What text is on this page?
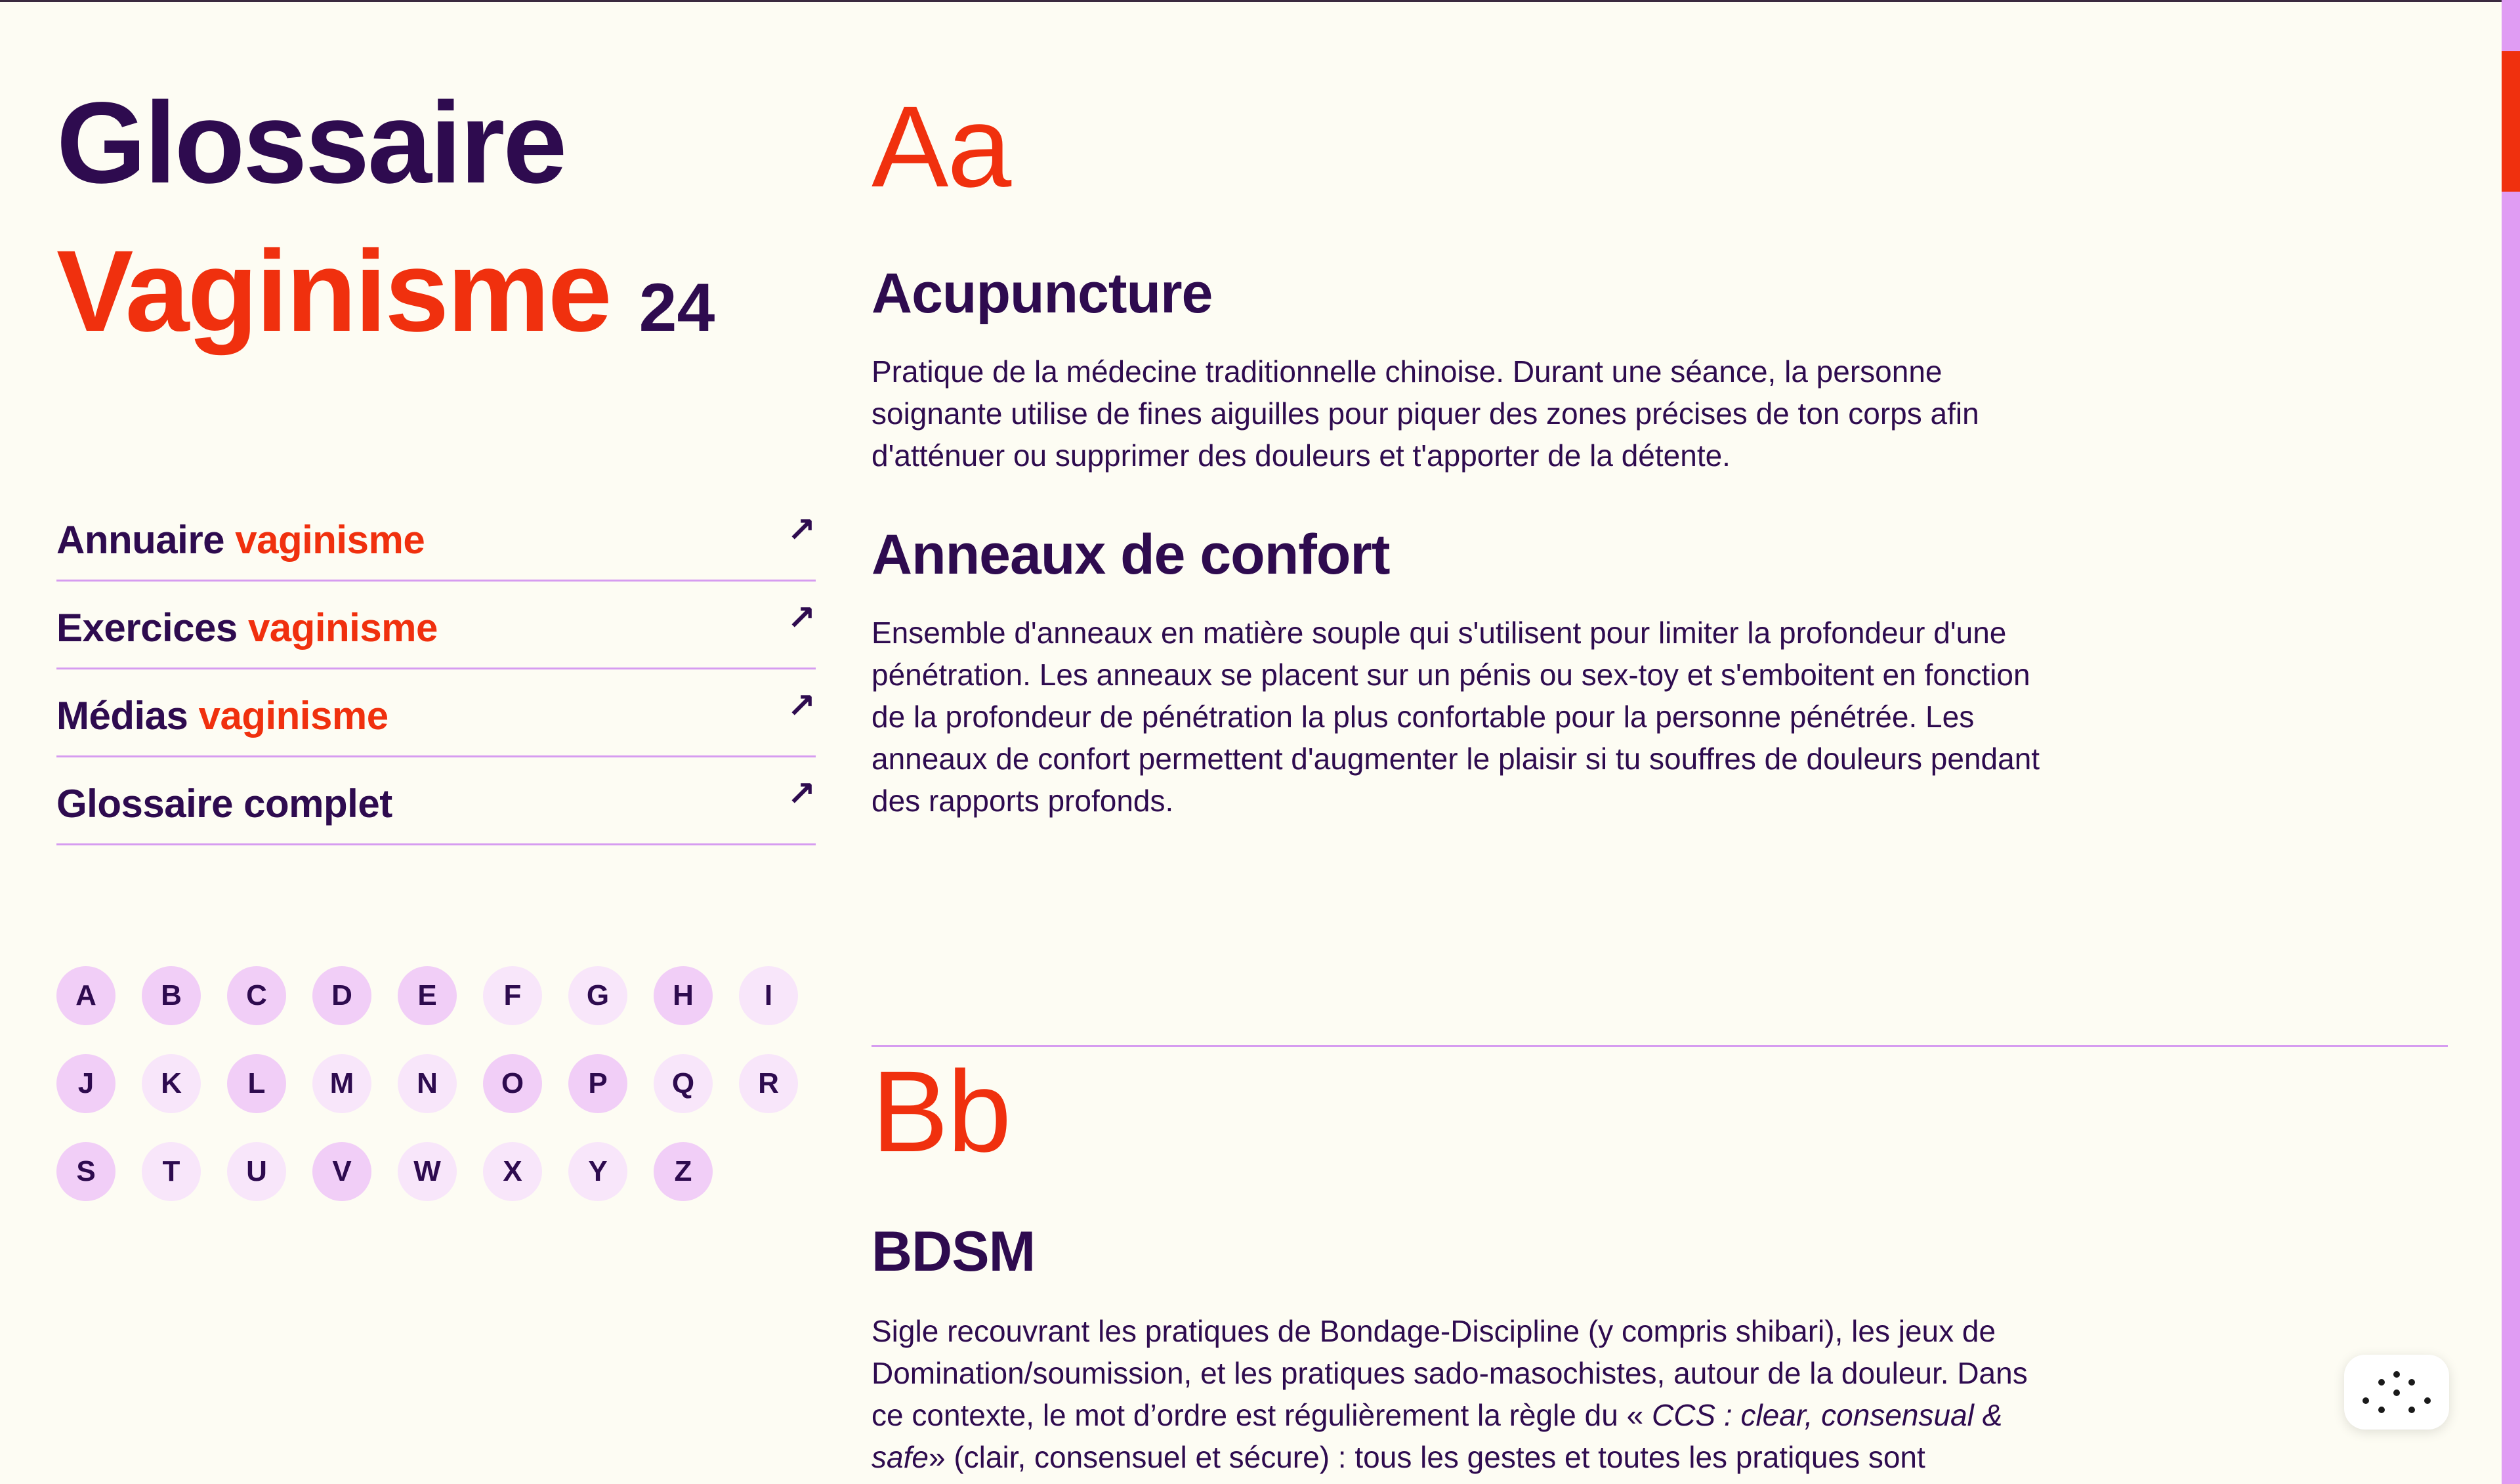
Glossaire
Vaginisme 24
Annuaire vaginisme	↗
Exercices vaginisme	↗
Médias vaginisme	↗
Glossaire complet	↗
A	B	C	D	E	F	G	H	I
J	K	L	M	N	O	P	Q	R
S	T	U	V	W	X	Y	Z
Aa
Acupuncture

Pratique de la médecine traditionnelle chinoise. Durant une séance, la personne soignante utilise de fines aiguilles pour piquer des zones précises de ton corps afin d'atténuer ou supprimer des douleurs et t'apporter de la détente.

Anneaux de confort

Ensemble d'anneaux en matière souple qui s'utilisent pour limiter la profondeur d'une pénétration. Les anneaux se placent sur un pénis ou sex-toy et s'emboitent en fonction de la profondeur de pénétration la plus confortable pour la personne pénétrée. Les anneaux de confort permettent d'augmenter le plaisir si tu souffres de douleurs pendant des rapports profonds.

Bb
BDSM

Sigle recouvrant les pratiques de Bondage-Discipline (y compris shibari), les jeux de Domination/soumission, et les pratiques sado-masochistes, autour de la douleur. Dans ce contexte, le mot d’ordre est régulièrement la règle du « CCS : clear, consensual & safe» (clair, consensuel et sécure) : tous les gestes et toutes les pratiques sont
